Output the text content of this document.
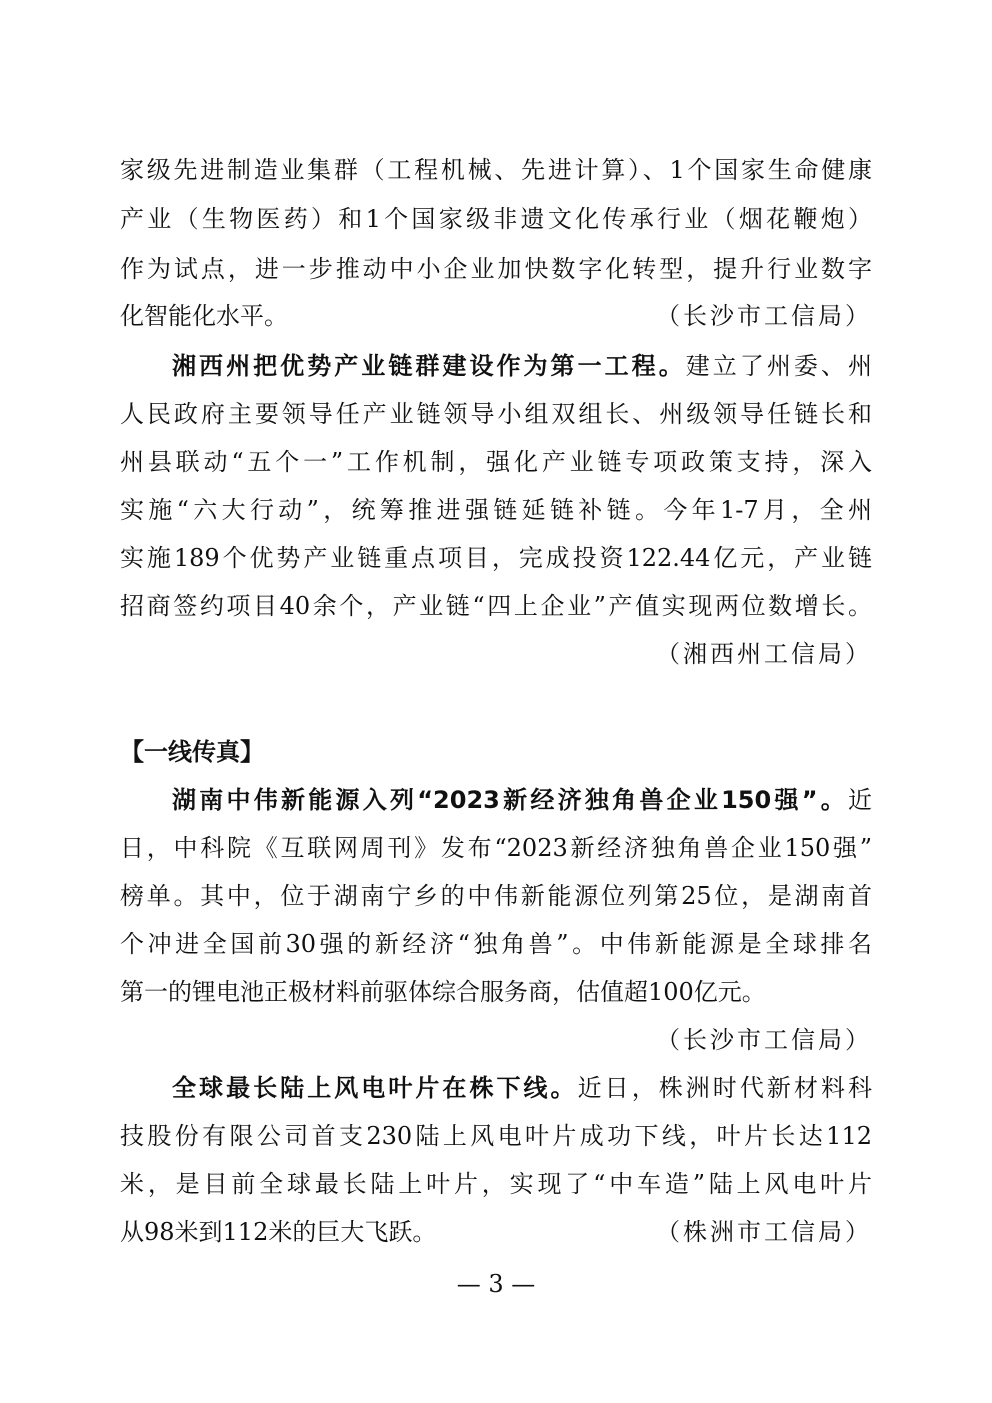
家级先进制造业集群（工程机械、先进计算）、1个国家生命健康
产业（生物医药）和1个国家级非遗文化传承行业（烟花鞭炮）
作为试点，进一步推动中小企业加快数字化转型，提升行业数字
化智能化水平。	（长沙市工信局）
湘西州把优势产业链群建设作为第一工程。建立了州委、州
人民政府主要领导任产业链领导小组双组长、州级领导任链长和
州县联动“五个一”工作机制，强化产业链专项政策支持，深入
实施“六大行动”，统筹推进强链延链补链。今年1-7月，全州
实施189个优势产业链重点项目，完成投资122.44亿元，产业链
招商签约项目40余个，产业链“四上企业”产值实现两位数增长。
（湘西州工信局）
【一线传真】
湖南中伟新能源入列“2023新经济独角兽企业150强”。近
日，中科院《互联网周刊》发布“2023新经济独角兽企业150强”
榜单。其中，位于湖南宁乡的中伟新能源位列第25位，是湖南首
个冲进全国前30强的新经济“独角兽”。中伟新能源是全球排名
第一的锂电池正极材料前驱体综合服务商，估值超100亿元。
（长沙市工信局）
全球最长陆上风电叶片在株下线。近日，株洲时代新材料科
技股份有限公司首支230陆上风电叶片成功下线，叶片长达112
米，是目前全球最长陆上叶片，实现了“中车造”陆上风电叶片
从98米到112米的巨大飞跃。	（株洲市工信局）
— 3 —
